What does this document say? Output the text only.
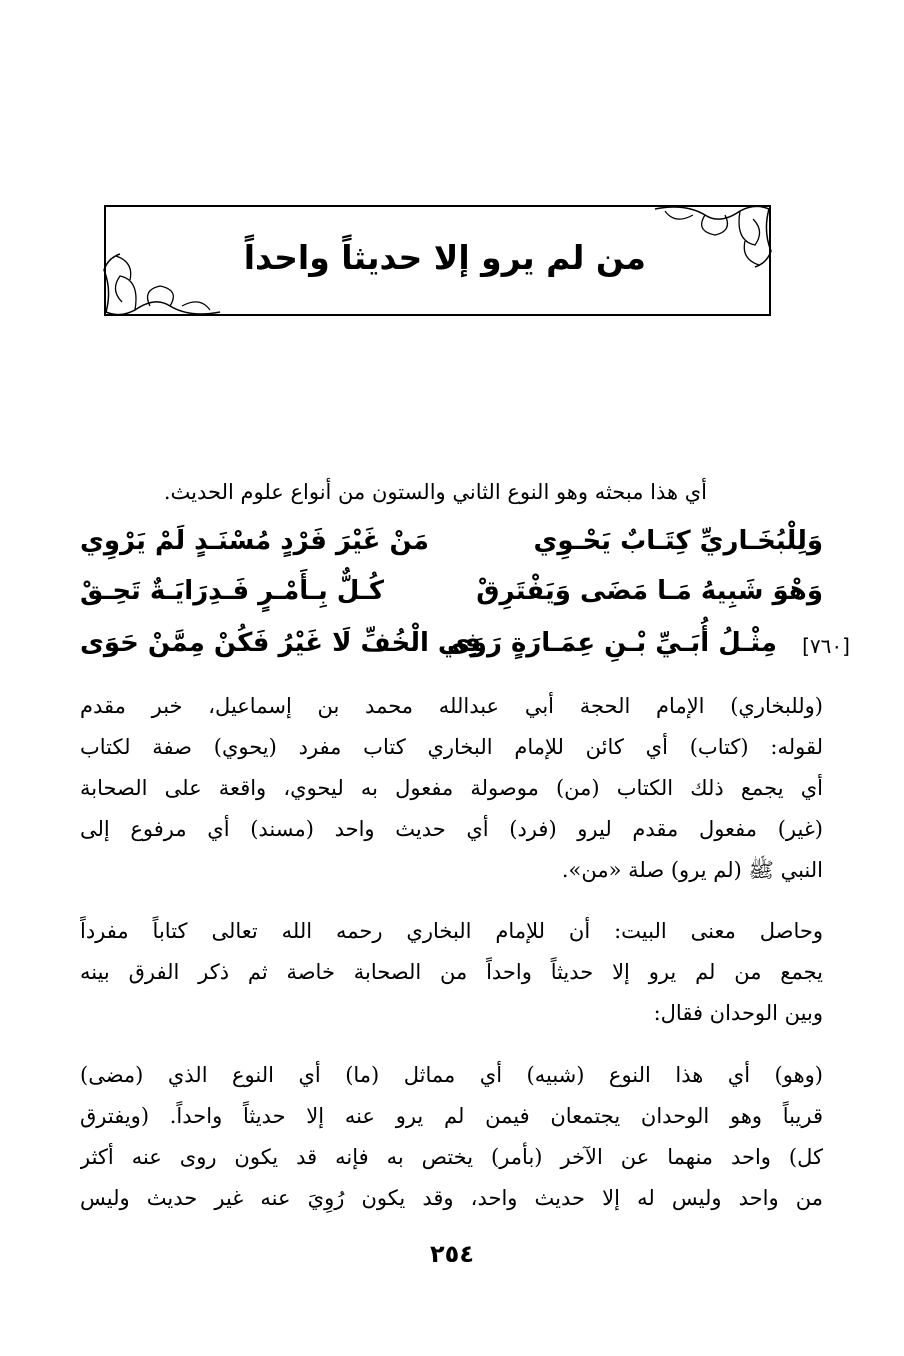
من لم يرو إلا حديثاً واحداً
أي هذا مبحثه وهو النوع الثاني والستون من أنواع علوم الحديث.
وَلِلْبُخَـاريِّ كِتَـابٌ يَحْـوِي
مَنْ غَيْرَ فَرْدٍ مُسْنَـدٍ لَمْ يَرْوِي
وَهْوَ شَبِيهُ مَـا مَضَى وَيَفْتَرِقْ
كُـلٌّ بِـأَمْـرٍ فَـدِرَايَـةٌ تَحِـقْ
مِثْـلُ أُبَـيِّ بْـنِ عِمَـارَةٍ رَوَى
فِي الْخُفِّ لَا غَيْرُ فَكُنْ مِمَّنْ حَوَى	[٧٦٠]
(وللبخاري) الإمام الحجة أبي عبدالله محمد بن إسماعيل، خبر مقدم
لقوله: (كتاب) أي كائن للإمام البخاري كتاب مفرد (يحوي) صفة لكتاب
أي يجمع ذلك الكتاب (من) موصولة مفعول به ليحوي، واقعة على الصحابة
(غير) مفعول مقدم ليرو (فرد) أي حديث واحد (مسند) أي مرفوع إلى
النبي ﷺ (لم يرو) صلة «من».
وحاصل معنى البيت: أن للإمام البخاري رحمه الله تعالى كتاباً مفرداً
يجمع من لم يرو إلا حديثاً واحداً من الصحابة خاصة ثم ذكر الفرق بينه
وبين الوحدان فقال:
(وهو) أي هذا النوع (شبيه) أي مماثل (ما) أي النوع الذي (مضى)
قريباً وهو الوحدان يجتمعان فيمن لم يرو عنه إلا حديثاً واحداً. (ويفترق
كل) واحد منهما عن الآخر (بأمر) يختص به فإنه قد يكون روى عنه أكثر
من واحد وليس له إلا حديث واحد، وقد يكون رُوِيَ عنه غير حديث وليس
٢٥٤
